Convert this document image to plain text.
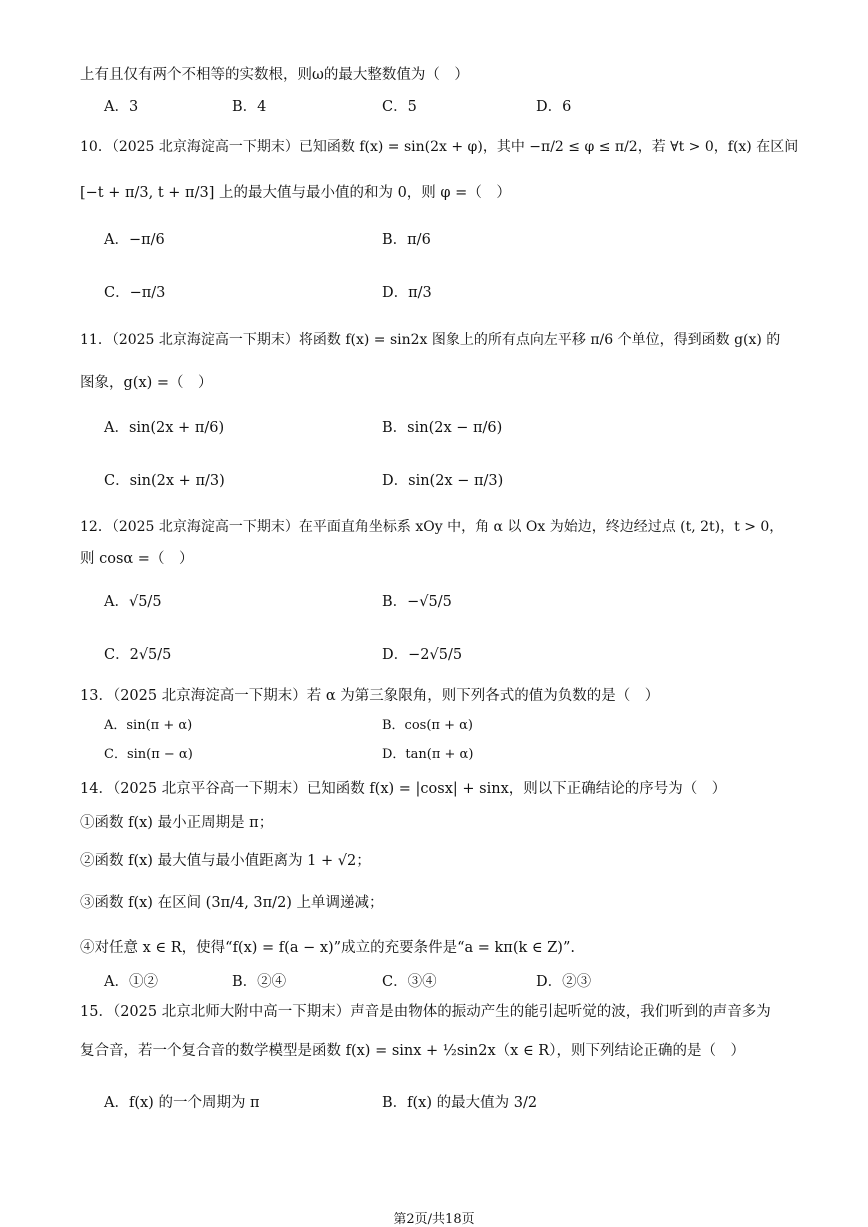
上有且仅有两个不相等的实数根，则ω的最大整数值为（　）
A．3	B．4	C．5	D．6
10．（2025 北京海淀高一下期末）已知函数 f(x) = sin(2x + φ)，其中 −π/2 ≤ φ ≤ π/2，若 ∀t > 0，f(x) 在区间
[−t + π/3, t + π/3] 上的最大值与最小值的和为 0，则 φ =（　）
A．−π/6	B．π/6
C．−π/3	D．π/3
11．（2025 北京海淀高一下期末）将函数 f(x) = sin2x 图象上的所有点向左平移 π/6 个单位，得到函数 g(x) 的
图象，g(x) =（　）
A．sin(2x + π/6)	B．sin(2x − π/6)
C．sin(2x + π/3)	D．sin(2x − π/3)
12．（2025 北京海淀高一下期末）在平面直角坐标系 xOy 中，角 α 以 Ox 为始边，终边经过点 (t, 2t)，t > 0，
则 cosα =（　）
A．√5/5	B．−√5/5
C．2√5/5	D．−2√5/5
13．（2025 北京海淀高一下期末）若 α 为第三象限角，则下列各式的值为负数的是（　）
A．sin(π + α)	B．cos(π + α)
C．sin(π − α)	D．tan(π + α)
14．（2025 北京平谷高一下期末）已知函数 f(x) = |cosx| + sinx，则以下正确结论的序号为（　）
①函数 f(x) 最小正周期是 π；
②函数 f(x) 最大值与最小值距离为 1 + √2；
③函数 f(x) 在区间 (3π/4, 3π/2) 上单调递减；
④对任意 x ∈ R，使得“f(x) = f(a − x)”成立的充要条件是“a = kπ(k ∈ Z)”.
A．①②	B．②④	C．③④	D．②③
15．（2025 北京北师大附中高一下期末）声音是由物体的振动产生的能引起听觉的波，我们听到的声音多为
复合音，若一个复合音的数学模型是函数 f(x) = sinx + ½sin2x（x ∈ R），则下列结论正确的是（　）
A．f(x) 的一个周期为 π	B．f(x) 的最大值为 3/2
第2页/共18页
